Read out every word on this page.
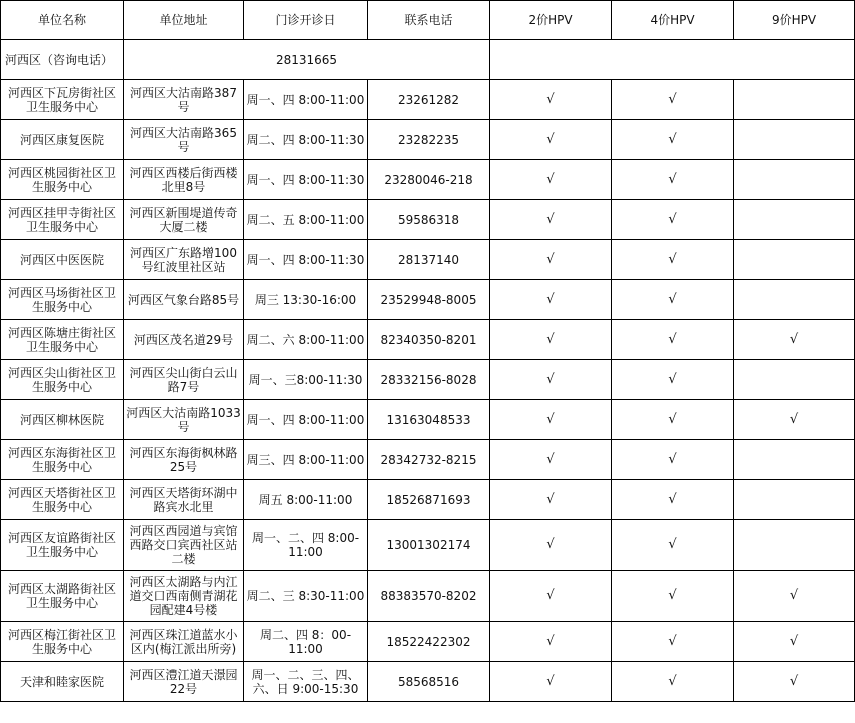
单位名称	单位地址	门诊开诊日	联系电话	2价HPV	4价HPV	9价HPV
河西区（咨询电话）	28131665					
河西区下瓦房街社区卫生服务中心	河西区大沽南路387号	周一、四 8:00-11:00	23261282	√	√	
河西区康复医院	河西区大沽南路365号	周二、四 8:00-11:30	23282235	√	√	
河西区桃园街社区卫生服务中心	河西区西楼后街西楼北里8号	周一、四 8:00-11:30	23280046-218	√	√	
河西区挂甲寺街社区卫生服务中心	河西区新围堤道传奇大厦二楼	周二、五 8:00-11:00	59586318	√	√	
河西区中医医院	河西区广东路增100号红波里社区站	周一、四 8:00-11:30	28137140	√	√	
河西区马场街社区卫生服务中心	河西区气象台路85号	周三 13:30-16:00	23529948-8005	√	√	
河西区陈塘庄街社区卫生服务中心	河西区茂名道29号	周二、六 8:00-11:00	82340350-8201	√	√	√
河西区尖山街社区卫生服务中心	河西区尖山街白云山路7号	周一、三8:00-11:30	28332156-8028	√	√	
河西区柳林医院	河西区大沽南路1033号	周一、四 8:00-11:00	13163048533	√	√	√
河西区东海街社区卫生服务中心	河西区东海街枫林路25号	周三、四 8:00-11:00	28342732-8215	√	√	
河西区天塔街社区卫生服务中心	河西区天塔街环湖中路宾水北里	周五 8:00-11:00	18526871693	√	√	
河西区友谊路街社区卫生服务中心	河西区西园道与宾馆西路交口宾西社区站二楼	周一、二、四 8:00-11:00	13001302174	√	√	
河西区太湖路街社区卫生服务中心	河西区太湖路与内江道交口西南侧青湖花园配建4号楼	周二、三 8:30-11:00	88383570-8202	√	√	√
河西区梅江街社区卫生服务中心	河西区珠江道蓝水小区内(梅江派出所旁)	周二、四 8：00-11:00	18522422302	√	√	√
天津和睦家医院	河西区澧江道天澋园22号	周一、二、三、四、六、日 9:00-15:30	58568516	√	√	√
